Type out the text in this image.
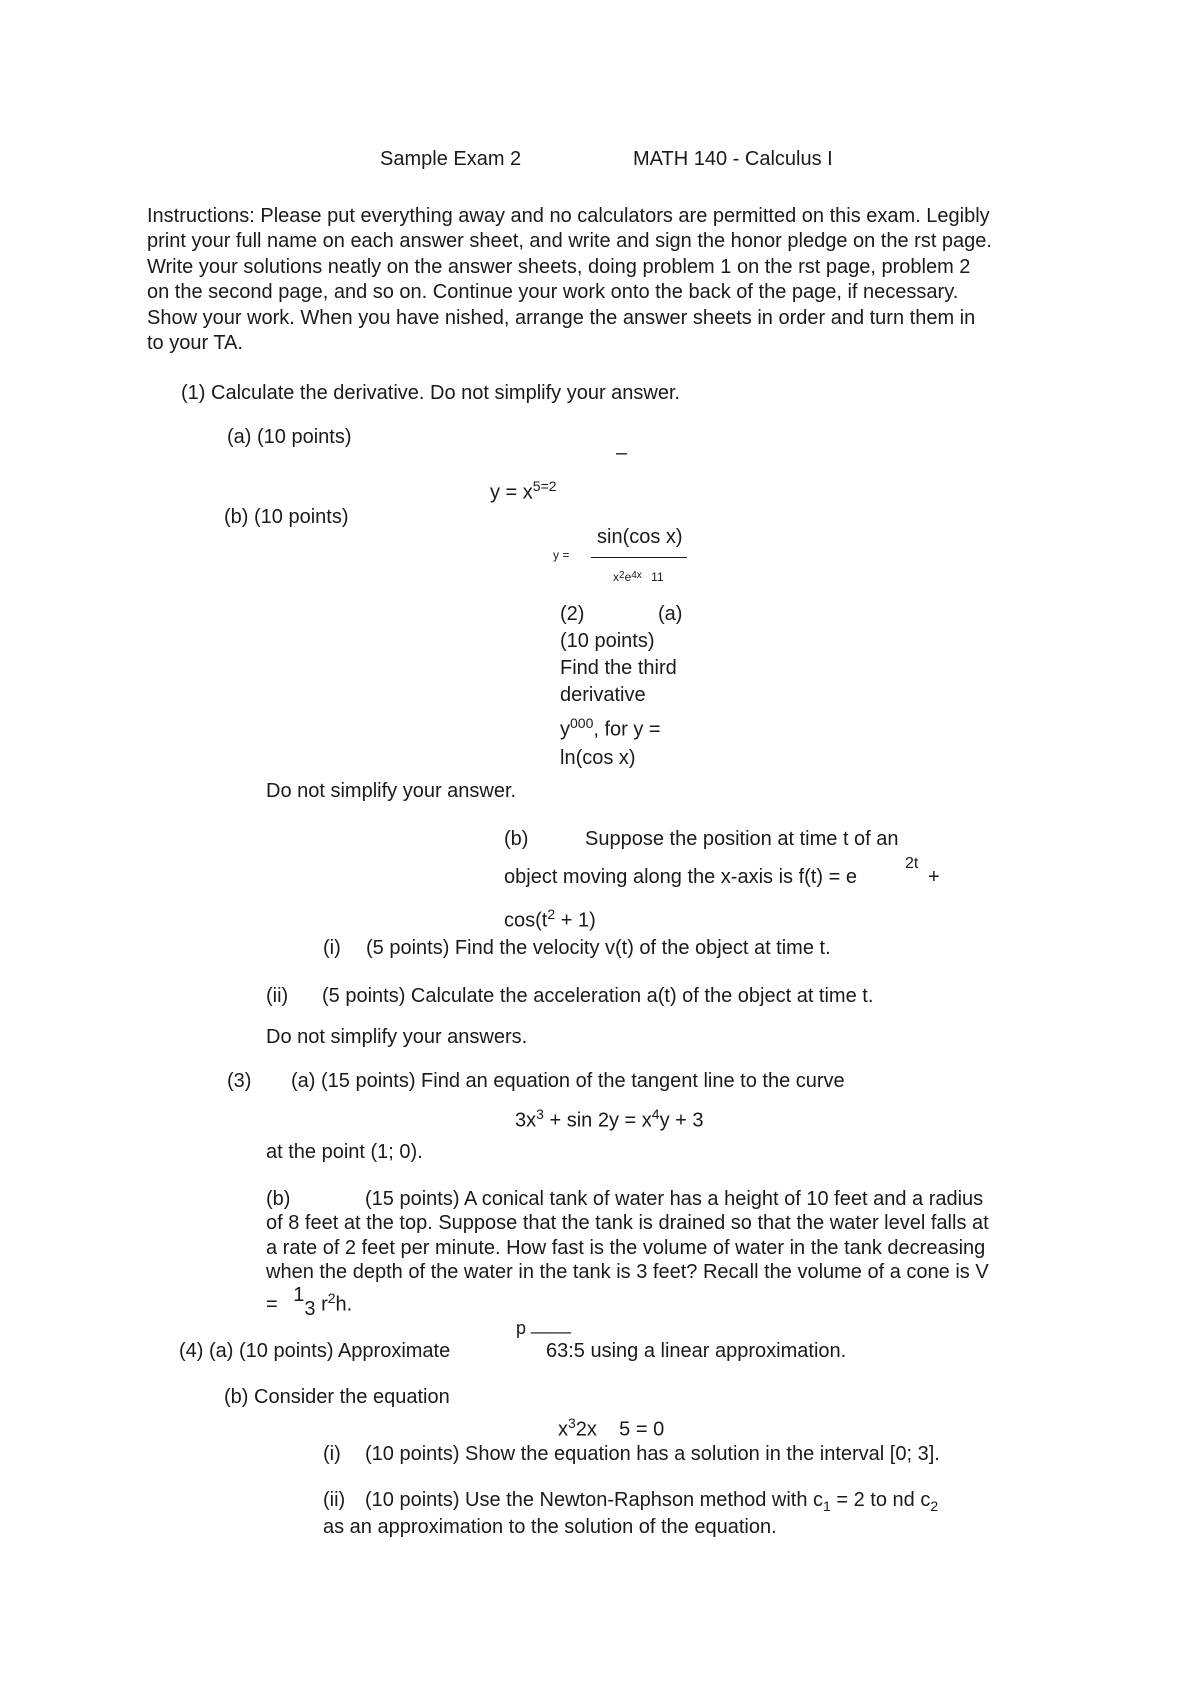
Sample Exam 2	MATH 140 - Calculus I
Instructions: Please put everything away and no calculators are permitted on this exam. Legibly
print your full name on each answer sheet, and write and sign the honor pledge on the rst page.
Write your solutions neatly on the answer sheets, doing problem 1 on the rst page, problem 2
on the second page, and so on. Continue your work onto the back of the page, if necessary.
Show your work. When you have nished, arrange the answer sheets in order and turn them in
to your TA.
(1) Calculate the derivative. Do not simplify your answer.
(a) (10 points)
–
$y = x^{5=2}$
(b) (10 points)
y =
sin(cos x)
$x^2e^{4x}$ 11
(2)	(a)
(10 points)
Find the third
derivative
$y^{000}$, for y =
ln(cos x)
Do not simplify your answer.
(b)	Suppose the position at time t of an
object moving along the x-axis is f(t) = e
2t
+
$\cos(t^2 + 1)$
(i) (5 points) Find the velocity v(t) of the object at time t.
(ii) (5 points) Calculate the acceleration a(t) of the object at time t.
Do not simplify your answers.
(3) (a) (15 points) Find an equation of the tangent line to the curve
$3x^3 + \sin 2y = x^4y + 3$
at the point (1; 0).
(b)	(15 points) A conical tank of water has a height of 10 feet and a radius
of 8 feet at the top. Suppose that the tank is drained so that the water level falls at
a rate of 2 feet per minute. How fast is the volume of water in the tank decreasing
when the depth of the water in the tank is 3 feet? Recall the volume of a cone is V
= 13 $r^2h$.
p ____
(4) (a) (10 points) Approximate	63:5 using a linear approximation.
(b) Consider the equation
$x^32x$    5 = 0
(i) (10 points) Show the equation has a solution in the interval [0; 3].
(ii) (10 points) Use the Newton-Raphson method with $c_1 = 2$ to nd $c_2$
as an approximation to the solution of the equation.
